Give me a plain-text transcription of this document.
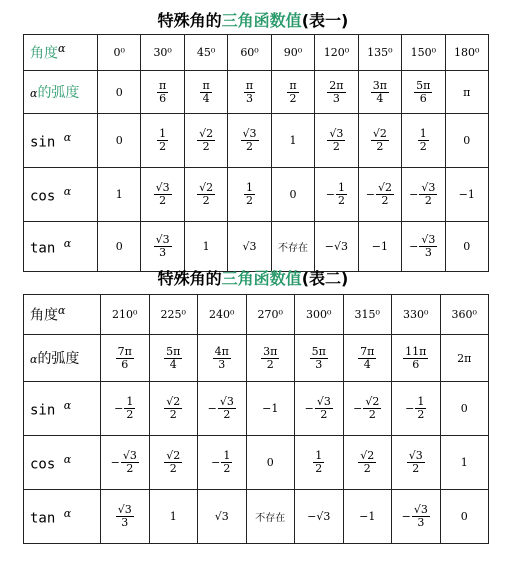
特殊角的三角函数值(表一)
角度$^\alpha$	0⁰	30⁰	45⁰	60⁰	90⁰	120⁰	135⁰	150⁰	180⁰
α的弧度	0	$\frac{\pi}{6}$	$\frac{\pi}{4}$	$\frac{\pi}{3}$	$\frac{\pi}{2}$	$\frac{2\pi}{3}$	$\frac{3\pi}{4}$	$\frac{5\pi}{6}$	π
sin $^\alpha$	0	$\frac{1}{2}$	$\frac{√2}{2}$	$\frac{√3}{2}$	1	$\frac{√3}{2}$	$\frac{√2}{2}$	$\frac{1}{2}$	0
cos $^\alpha$	1	$\frac{√3}{2}$	$\frac{√2}{2}$	$\frac{1}{2}$	0	− $\frac{1}{2}$	− $\frac{√2}{2}$	− $\frac{√3}{2}$	−1
tan $^\alpha$	0	$\frac{√3}{3}$	1	√3	不存在	−√3	−1	− $\frac{√3}{3}$	0
特殊角的三角函数值(表二)
角度$^\alpha$	210⁰	225⁰	240⁰	270⁰	300⁰	315⁰	330⁰	360⁰
α的弧度	$\frac{7\pi}{6}$	$\frac{5\pi}{4}$	$\frac{4\pi}{3}$	$\frac{3\pi}{2}$	$\frac{5\pi}{3}$	$\frac{7\pi}{4}$	$\frac{11\pi}{6}$	2π
sin $^\alpha$	− $\frac{1}{2}$	$\frac{√2}{2}$	− $\frac{√3}{2}$	−1	− $\frac{√3}{2}$	− $\frac{√2}{2}$	− $\frac{1}{2}$	0
cos $^\alpha$	− $\frac{√3}{2}$	$\frac{√2}{2}$	− $\frac{1}{2}$	0	$\frac{1}{2}$	$\frac{√2}{2}$	$\frac{√3}{2}$	1
tan $^\alpha$	$\frac{√3}{3}$	1	√3	不存在	−√3	−1	− $\frac{√3}{3}$	0
